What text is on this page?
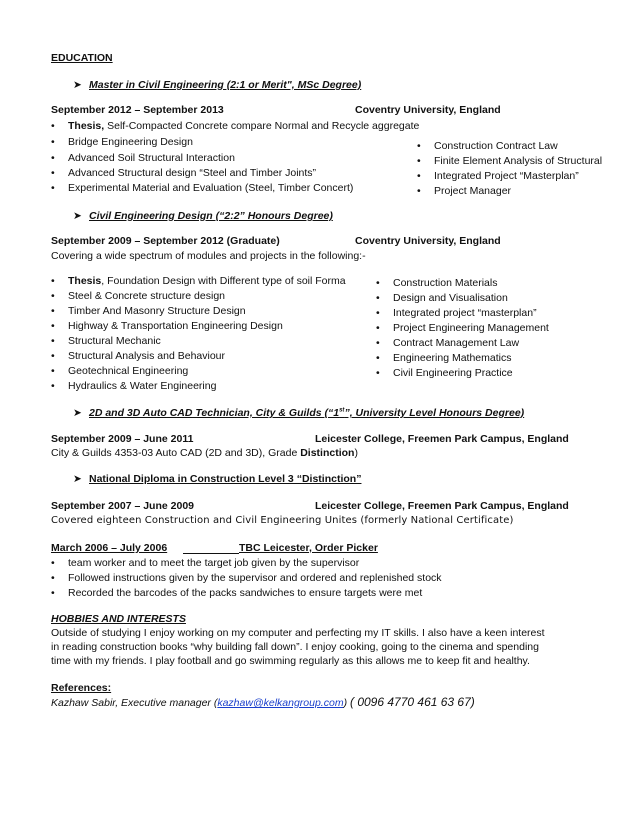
EDUCATION
➤ Master in Civil Engineering (2:1 or Merit", MSc Degree)
September 2012 – September 2013	Coventry University, England
• Thesis, Self-Compacted Concrete compare Normal and Recycle aggregate
• Bridge Engineering Design
• Advanced Soil Structural Interaction
• Advanced Structural design “Steel and Timber Joints”
• Experimental Material and Evaluation (Steel, Timber Concert)
• Construction Contract Law
• Finite Element Analysis of Structural
• Integrated Project “Masterplan”
• Project Manager
➤ Civil Engineering Design (“2:2” Honours Degree)
September 2009 – September 2012 (Graduate)	Coventry University, England
Covering a wide spectrum of modules and projects in the following:-
• Thesis, Foundation Design with Different type of soil Forma
• Steel & Concrete structure design
• Timber And Masonry Structure Design
• Highway & Transportation Engineering Design
• Structural Mechanic
• Structural Analysis and Behaviour
• Geotechnical Engineering
• Hydraulics & Water Engineering
• Construction Materials
• Design and Visualisation
• Integrated project “masterplan”
• Project Engineering Management
• Contract Management Law
• Engineering Mathematics
• Civil Engineering Practice
➤ 2D and 3D Auto CAD Technician, City & Guilds (“1st”, University Level Honours Degree)
September 2009 – June 2011	Leicester College, Freemen Park Campus, England
City & Guilds 4353-03 Auto CAD (2D and 3D), Grade Distinction)
➤ National Diploma in Construction Level 3 “Distinction”
September 2007 – June 2009	Leicester College, Freemen Park Campus, England
Covered eighteen Construction and Civil Engineering Unites (formerly National Certificate)
March 2006 – July 2006	TBC Leicester, Order Picker
• team worker and to meet the target job given by the supervisor
• Followed instructions given by the supervisor and ordered and replenished stock
• Recorded the barcodes of the packs sandwiches to ensure targets were met
HOBBIES AND INTERESTS
Outside of studying I enjoy working on my computer and perfecting my IT skills. I also have a keen interest
in reading construction books “why building fall down”. I enjoy cooking, going to the cinema and spending
time with my friends. I play football and go swimming regularly as this allows me to keep fit and healthy.
References:
Kazhaw Sabir, Executive manager (kazhaw@kelkangroup.com) ( 0096 4770 461 63 67)
